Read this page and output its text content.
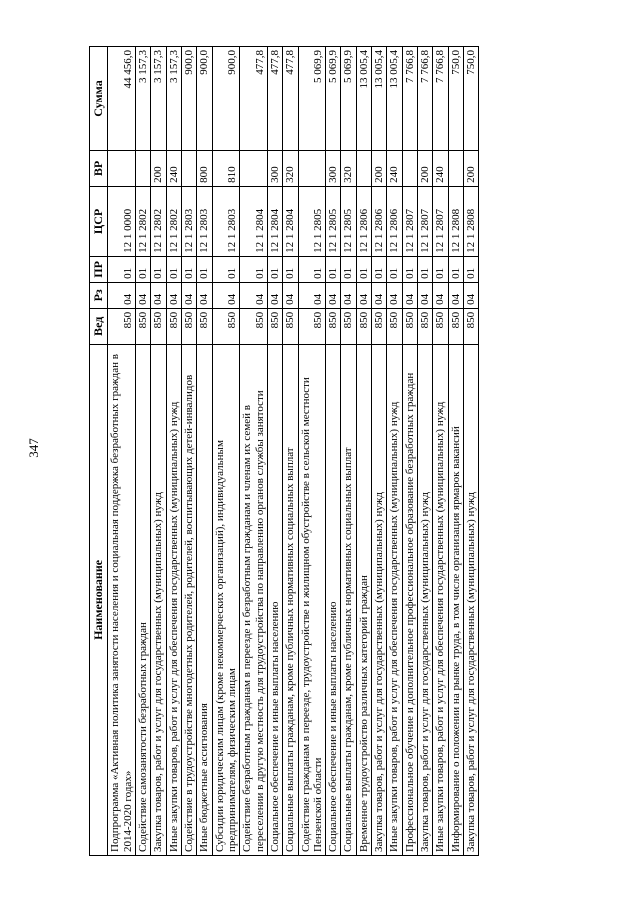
347
Наименование	Вед	Рз	ПР	ЦСР	ВР	Сумма
Подпрограмма «Активная политика занятости населения и социальная поддержка безработных граждан в 2014-2020 годах»	850	04	01	12 1 0000		44 456,0
Содействие самозанятости безработных граждан	850	04	01	12 1 2802		3 157,3
Закупка товаров, работ и услуг для государственных (муниципальных) нужд	850	04	01	12 1 2802	200	3 157,3
Иные закупки товаров, работ и услуг для обеспечения государственных (муниципальных) нужд	850	04	01	12 1 2802	240	3 157,3
Содействие в трудоустройстве многодетных родителей, родителей, воспитывающих детей-инвалидов	850	04	01	12 1 2803		900,0
Иные бюджетные ассигнования	850	04	01	12 1 2803	800	900,0
Субсидии юридическим лицам (кроме некоммерческих организаций), индивидуальным предпринимателям, физическим лицам	850	04	01	12 1 2803	810	900,0
Содействие безработным гражданам в переезде и безработным гражданам и членам их семей в переселении в другую местность для трудоустройства по направлению органов службы занятости	850	04	01	12 1 2804		477,8
Социальное обеспечение и иные выплаты населению	850	04	01	12 1 2804	300	477,8
Социальные выплаты гражданам, кроме публичных нормативных социальных выплат	850	04	01	12 1 2804	320	477,8
Содействие гражданам в переезде, трудоустройстве и жилищном обустройстве в сельской местности Пензенской области	850	04	01	12 1 2805		5 069,9
Социальное обеспечение и иные выплаты населению	850	04	01	12 1 2805	300	5 069,9
Социальные выплаты гражданам, кроме публичных нормативных социальных выплат	850	04	01	12 1 2805	320	5 069,9
Временное трудоустройство различных категорий граждан	850	04	01	12 1 2806		13 005,4
Закупка товаров, работ и услуг для государственных (муниципальных) нужд	850	04	01	12 1 2806	200	13 005,4
Иные закупки товаров, работ и услуг для обеспечения государственных (муниципальных) нужд	850	04	01	12 1 2806	240	13 005,4
Профессиональное обучение и дополнительное профессиональное образование безработных граждан	850	04	01	12 1 2807		7 766,8
Закупка товаров, работ и услуг для государственных (муниципальных) нужд	850	04	01	12 1 2807	200	7 766,8
Иные закупки товаров, работ и услуг для обеспечения государственных (муниципальных) нужд	850	04	01	12 1 2807	240	7 766,8
Информирование о положении на рынке труда, в том числе организация ярмарок вакансий	850	04	01	12 1 2808		750,0
Закупка товаров, работ и услуг для государственных (муниципальных) нужд	850	04	01	12 1 2808	200	750,0
